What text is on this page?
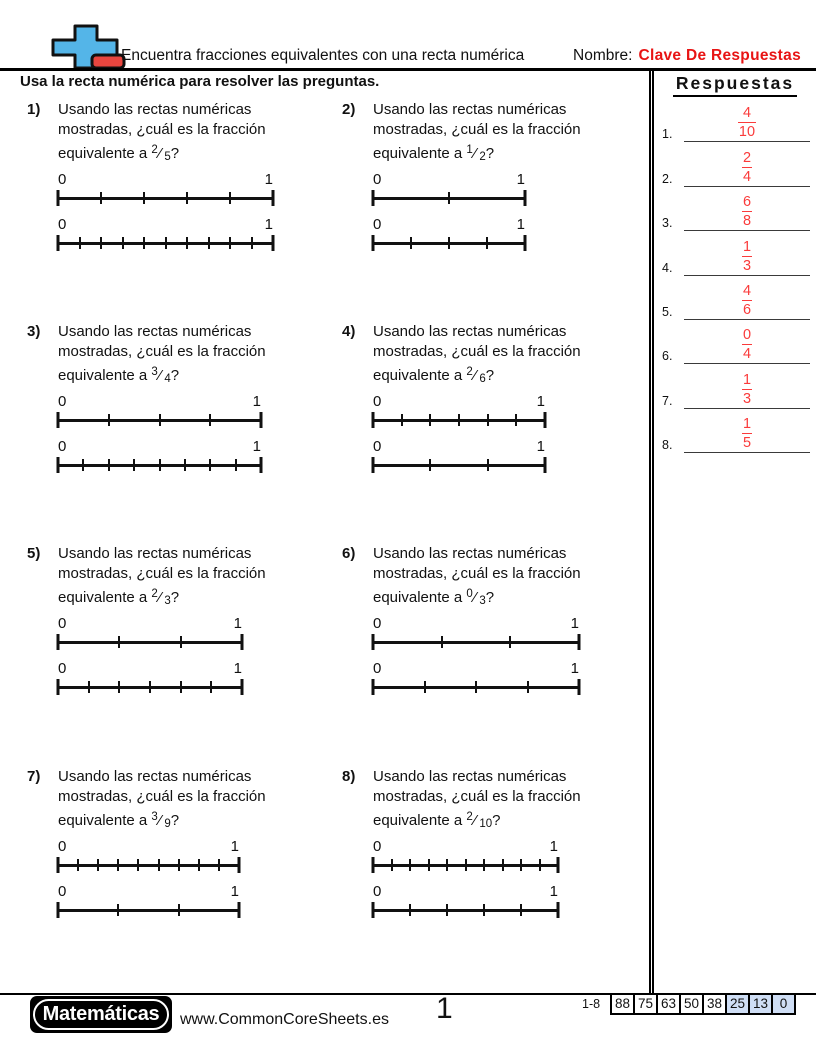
Encuentra fracciones equivalentes con una recta numérica	Nombre: Clave De Respuestas
Usa la recta numérica para resolver las preguntas.
1)	Usando las rectas numéricas mostradas, ¿cuál es la fracción equivalente a $^2$⁄ $_5$?

0	1
0	1
2)	Usando las rectas numéricas mostradas, ¿cuál es la fracción equivalente a $^1$⁄ $_2$?

0	1
0	1
3)	Usando las rectas numéricas mostradas, ¿cuál es la fracción equivalente a $^3$⁄ $_4$?

0	1
0	1
4)	Usando las rectas numéricas mostradas, ¿cuál es la fracción equivalente a $^2$⁄ $_6$?

0	1
0	1
5)	Usando las rectas numéricas mostradas, ¿cuál es la fracción equivalente a $^2$⁄ $_3$?

0	1
0	1
6)	Usando las rectas numéricas mostradas, ¿cuál es la fracción equivalente a $^0$⁄ $_3$?

0	1
0	1
7)	Usando las rectas numéricas mostradas, ¿cuál es la fracción equivalente a $^3$⁄ $_9$?

0	1
0	1
8)	Usando las rectas numéricas mostradas, ¿cuál es la fracción equivalente a $^2$⁄ $_{10}$?

0	1
0	1
Respuestas
1.	$\frac{4}{10}$
2.	$\frac{2}{4}$
3.	$\frac{6}{8}$
4.	$\frac{1}{3}$
5.	$\frac{4}{6}$
6.	$\frac{0}{4}$
7.	$\frac{1}{3}$
8.	$\frac{1}{5}$
Matemáticas	www.CommonCoreSheets.es 1	1-8	88 75 63 50 38 25 13 0
